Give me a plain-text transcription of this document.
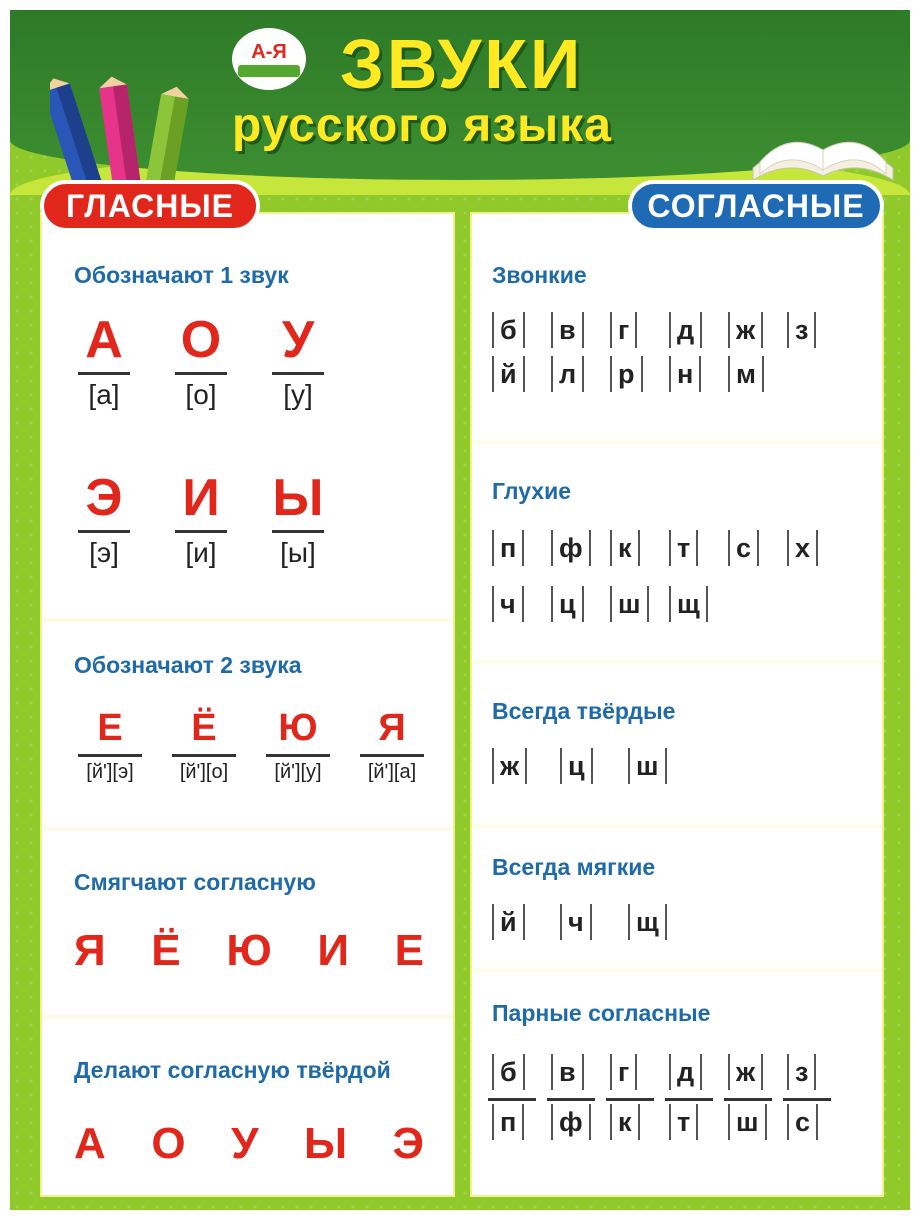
А-Я ЗВУКИ
русского языка
ГЛАСНЫЕ	СОГЛАСНЫЕ
Обозначают 1 звук
А
[а]
О
[о]
У
[у]
Э
[э]
И
[и]
Ы
[ы]
Обозначают 2 звука
Е
[й'][э]
Ё
[й'][о]
Ю
[й'][у]
Я
[й'][а]
Смягчают согласную
Я Ё Ю И Е
Делают согласную твёрдой
А О У Ы Э
Звонкие
б в г д ж з
й л р н м
Глухие
п ф к т с х
ч ц ш щ
Всегда твёрдые
ж ц ш
Всегда мягкие
й ч щ
Парные согласные
б в г д ж з
п ф к т ш с
